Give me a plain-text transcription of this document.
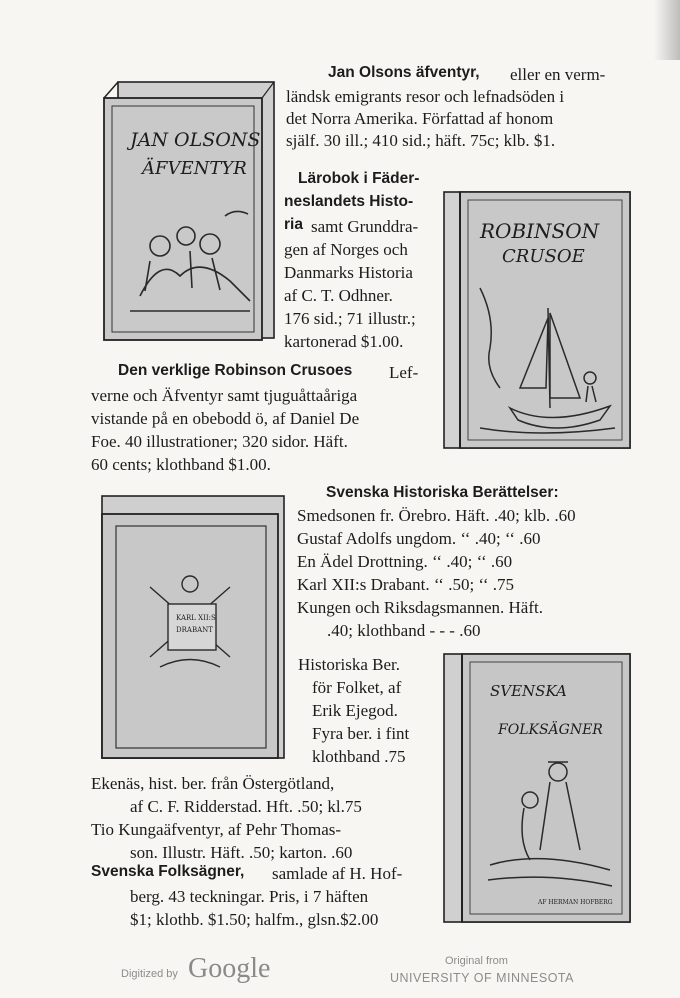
JAN OLSONS
ÄFVENTYR
Jan Olsons äfventyr, eller en verm-
ländsk emigrants resor och lefnadsöden i
det Norra Amerika. Författad af honom
själf. 30 ill.; 410 sid.; häft. 75c; klb. $1.
Lärobok i Fäder-
neslandets Histo-
ria samt Grunddra-
gen af Norges och
Danmarks Historia
af C. T. Odhner.
176 sid.; 71 illustr.;
kartonerad $1.00.
ROBINSON
CRUSOE
Den verklige Robinson Crusoes Lef-
verne och Äfventyr samt tjuguåttaåriga
vistande på en obebodd ö, af Daniel De
Foe. 40 illustrationer; 320 sidor. Häft.
60 cents; klothband $1.00.
KARL XII:S
DRABANT
Svenska Historiska Berättelser:
Smedsonen fr. Örebro. Häft. .40; klb. .60
Gustaf Adolfs ungdom. ‘‘ .40; ‘‘ .60
En Ädel Drottning. ‘‘ .40; ‘‘ .60
Karl XII:s Drabant. ‘‘ .50; ‘‘ .75
Kungen och Riksdagsmannen. Häft.
.40; klothband - - - .60
Historiska Ber.
för Folket, af
Erik Ejegod.
Fyra ber. i fint
klothband .75
SVENSKA
FOLKSÄGNER
AF HERMAN HOFBERG
Ekenäs, hist. ber. från Östergötland,
af C. F. Ridderstad. Hft. .50; kl.75
Tio Kungaäfventyr, af Pehr Thomas-
son. Illustr. Häft. .50; karton. .60
Svenska Folksägner, samlade af H. Hof-
berg. 43 teckningar. Pris, i 7 häften
$1; klothb. $1.50; halfm., glsn.$2.00
Digitized by Google	Original from
UNIVERSITY OF MINNESOTA
